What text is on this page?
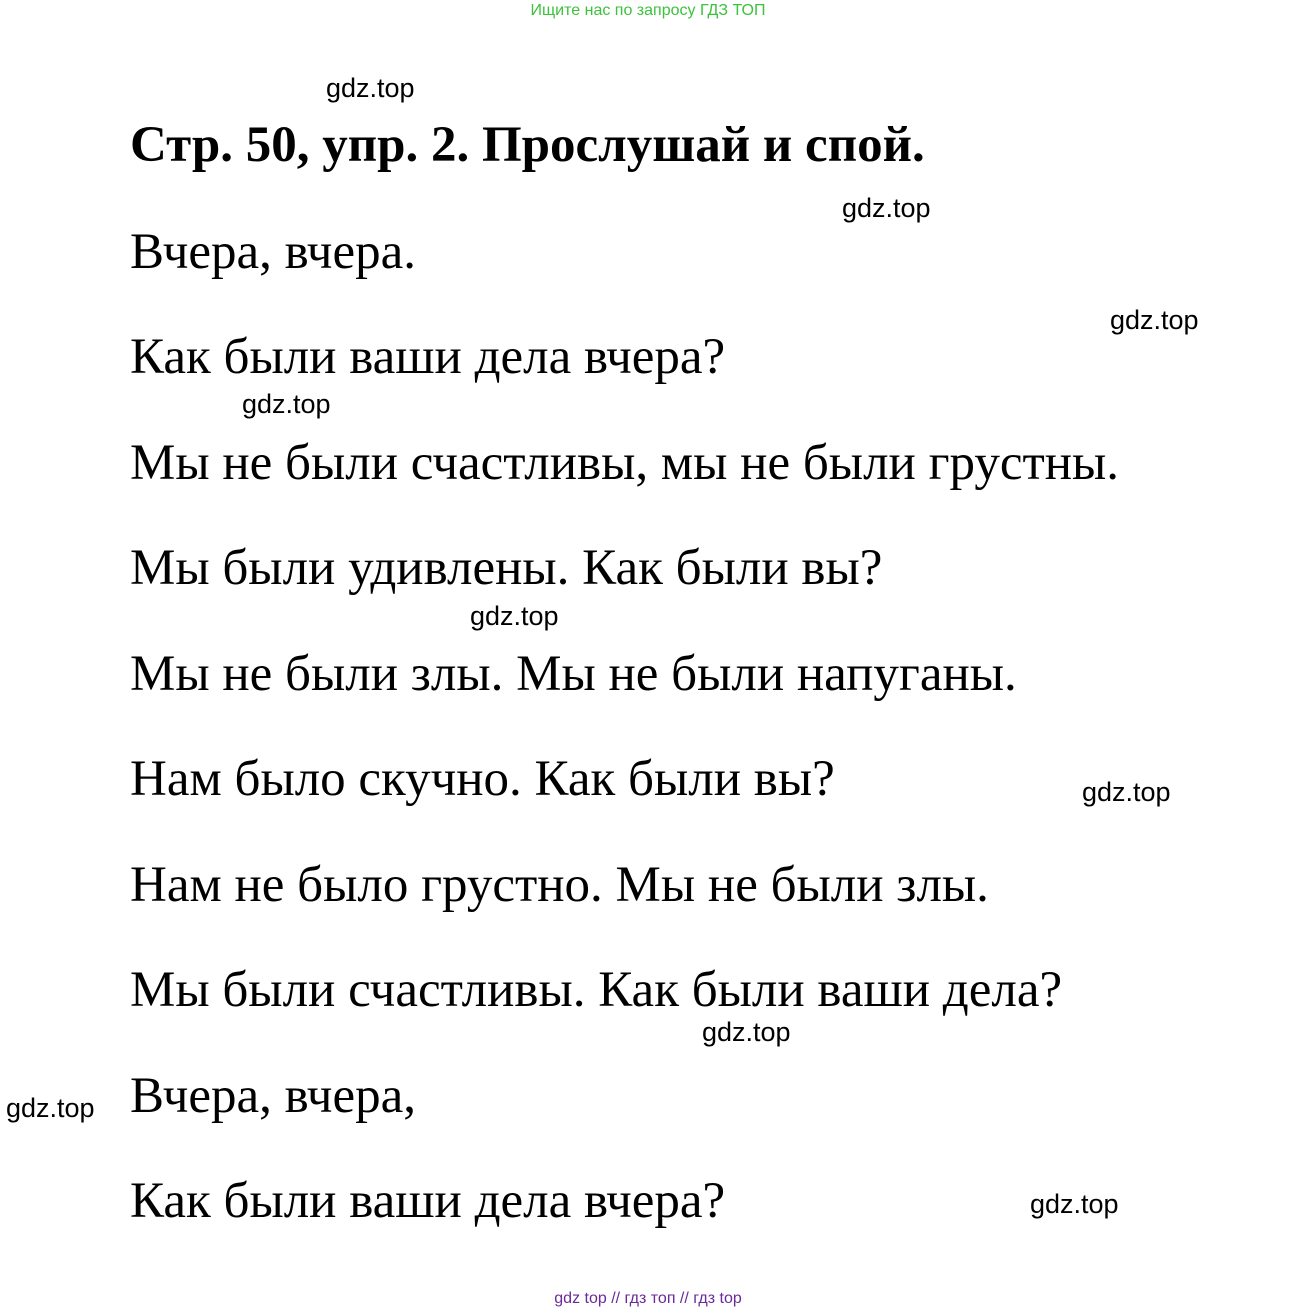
Ищите нас по запросу ГДЗ ТОП
gdz.top
Стр. 50, упр. 2. Прослушай и спой.
gdz.top

Вчера, вчера.

gdz.top

Как были ваши дела вчера?

gdz.top

Мы не были счастливы, мы не были грустны.

Мы были удивлены. Как были вы?

gdz.top

Мы не были злы. Мы не были напуганы.

Нам было скучно. Как были вы?	gdz.top

Нам не было грустно. Мы не были злы.

Мы были счастливы. Как были ваши дела?

gdz.top
gdz.top Вчера, вчера,

Как были ваши дела вчера?	gdz.top
gdz top // гдз топ // гдз top
